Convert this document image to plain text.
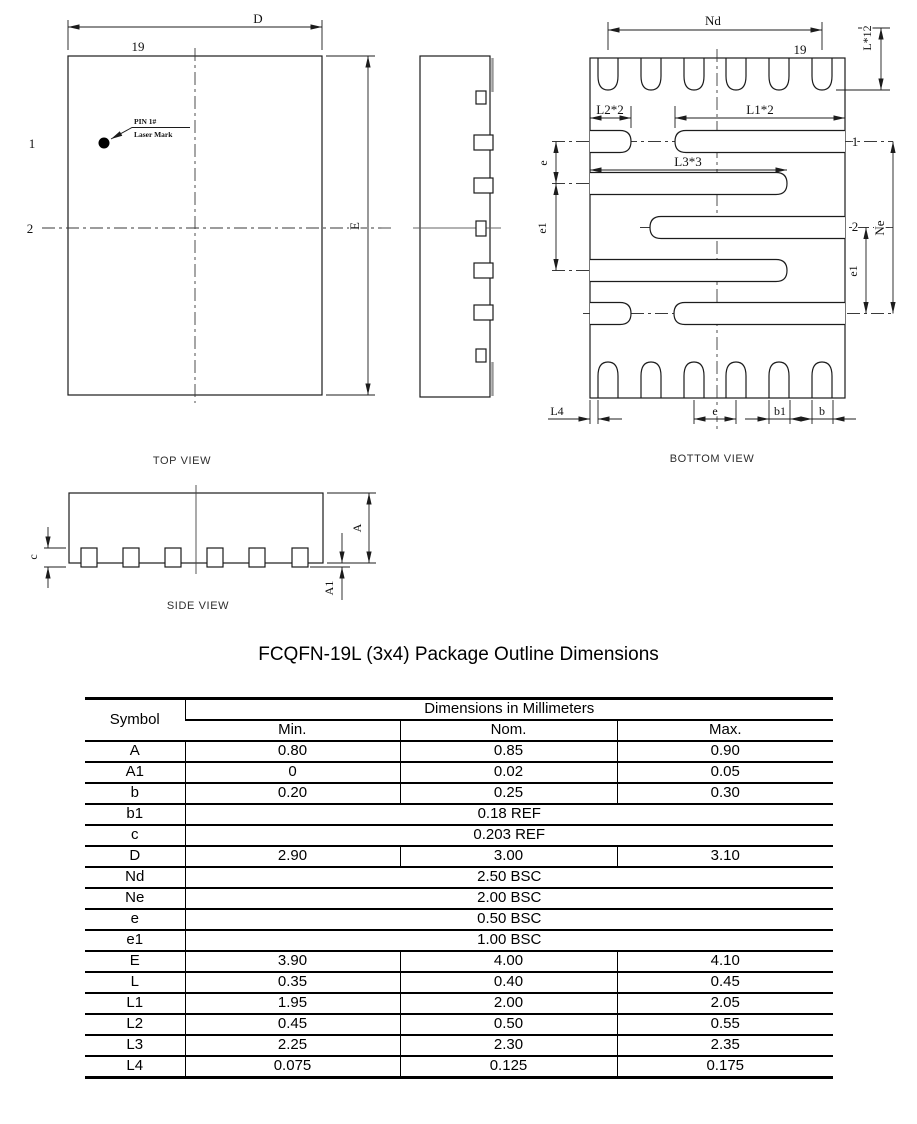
D
19
1
2
PIN 1#
Laser Mark
E
TOP VIEW
Nd
19	L*12
L2*2	L1*2
L3*3
e
e1
1
2
e1
Ne
L4	e	b1	b
BOTTOM VIEW
c
A
A1
SIDE VIEW
FCQFN-19L (3x4) Package Outline Dimensions
Symbol	Dimensions in Millimeters		
	Min.	Nom.	Max.
A	0.80	0.85	0.90
A1	0	0.02	0.05
b	0.20	0.25	0.30
b1	0.18 REF		
c	0.203 REF		
D	2.90	3.00	3.10
Nd	2.50 BSC		
Ne	2.00 BSC		
e	0.50 BSC		
e1	1.00 BSC		
E	3.90	4.00	4.10
L	0.35	0.40	0.45
L1	1.95	2.00	2.05
L2	0.45	0.50	0.55
L3	2.25	2.30	2.35
L4	0.075	0.125	0.175
